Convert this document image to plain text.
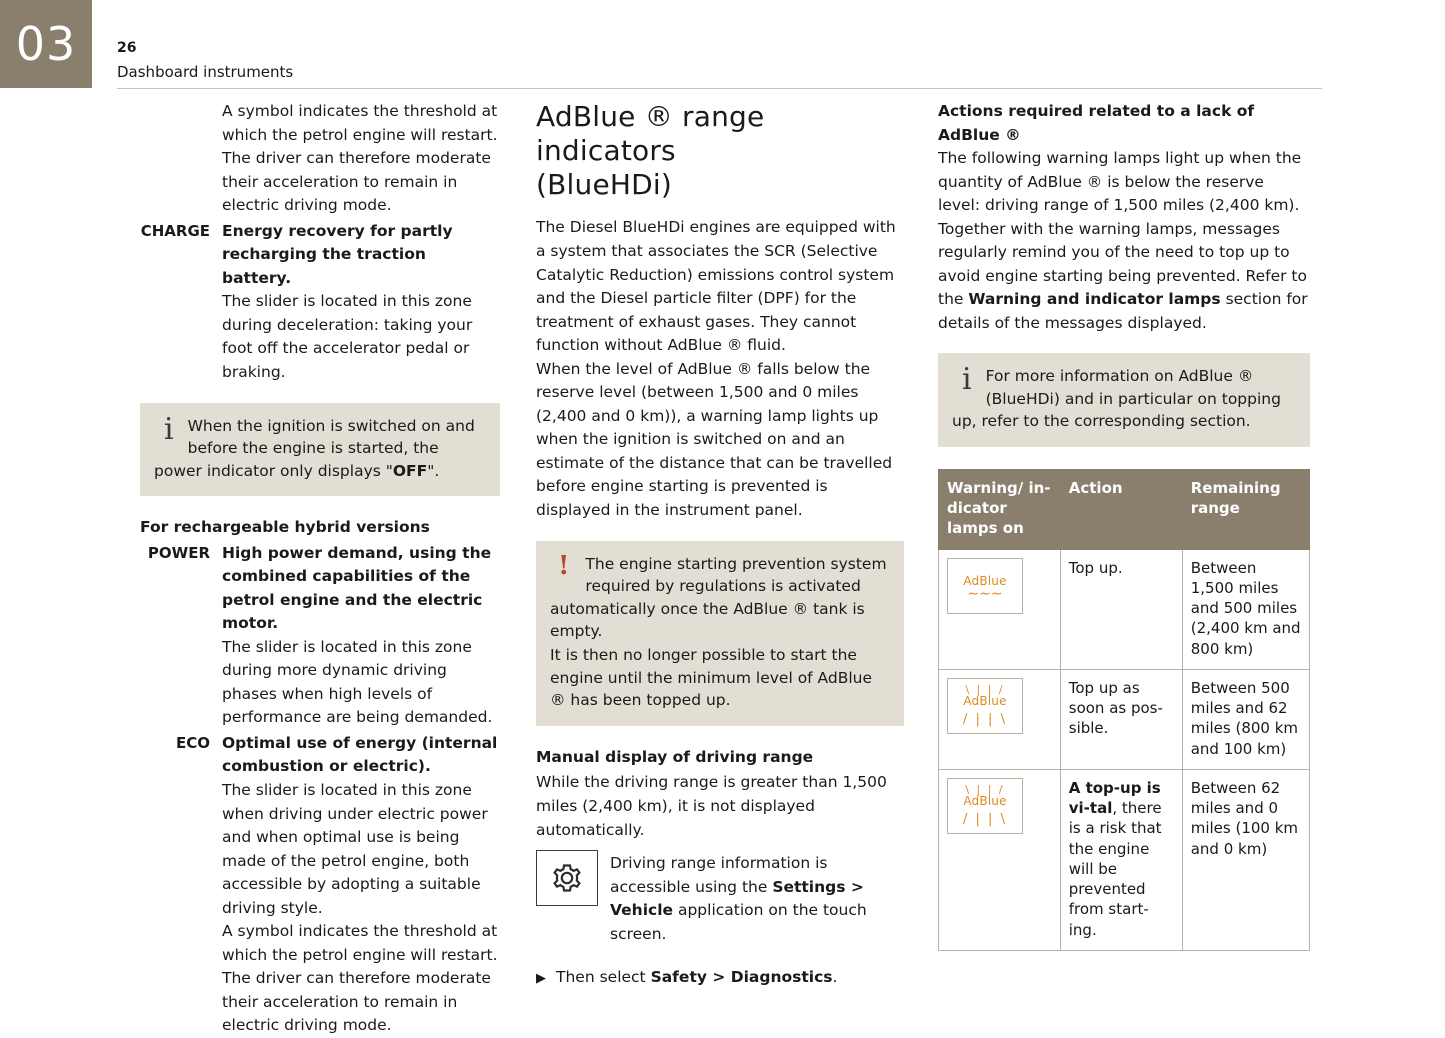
03	26
Dashboard instruments

A symbol indicates the threshold at which the petrol engine will restart. The driver can therefore moderate their acceleration to remain in electric driving mode.

CHARGE Energy recovery for partly recharging the traction battery.

The slider is located in this zone during deceleration: taking your foot off the accelerator pedal or braking.

i When the ignition is switched on and before the engine is started, the power indicator only displays "OFF".
For rechargeable hybrid versions
POWER High power demand, using the combined capabilities of the petrol engine and the electric motor.

The slider is located in this zone during more dynamic driving phases when high levels of performance are being demanded.

ECO Optimal use of energy (internal combustion or electric).

The slider is located in this zone when driving under electric power and when optimal use is being made of the petrol engine, both accessible by adopting a suitable driving style.

A symbol indicates the threshold at which the petrol engine will restart. The driver can therefore moderate their acceleration to remain in electric driving mode.

AdBlue ® range indicators
(BlueHDi)

The Diesel BlueHDi engines are equipped with a system that associates the SCR (Selective Catalytic Reduction) emissions control system and the Diesel particle filter (DPF) for the treatment of exhaust gases. They cannot function without AdBlue ® fluid.

When the level of AdBlue ® falls below the reserve level (between 1,500 and 0 miles (2,400 and 0 km)), a warning lamp lights up when the ignition is switched on and an estimate of the distance that can be travelled before engine starting is prevented is displayed in the instrument panel.

!	The engine starting prevention system required by regulations is activated automatically once the AdBlue ® tank is empty.
It is then no longer possible to start the engine until the minimum level of AdBlue ® has been topped up.
Manual display of driving range

While the driving range is greater than 1,500 miles (2,400 km), it is not displayed automatically.

Driving range information is accessible using the Settings > Vehicle application on the touch screen.
▶ Then select Safety > Diagnostics.

Actions required related to a lack of AdBlue ®

The following warning lamps light up when the quantity of AdBlue ® is below the reserve level: driving range of 1,500 miles (2,400 km). Together with the warning lamps, messages regularly remind you of the need to top up to avoid engine starting being prevented. Refer to the Warning and indicator lamps section for details of the messages displayed.

i For more information on AdBlue ® (BlueHDi) and in particular on topping up, refer to the corresponding section.
Warning/ in-dicator lamps on	Action	Remaining range

AdBlue
∼∼∼	Top up.	Between 1,500 miles and 500 miles (2,400 km and 800 km)

\ | | /
AdBlue
/ | | \	Top up as soon as pos-sible.	Between 500 miles and 62 miles (800 km and 100 km)

\ | | /
AdBlue
/ | | \	A top-up is vi-tal, there is a risk that the engine will be prevented from start-ing.	Between 62 miles and 0 miles (100 km and 0 km)
